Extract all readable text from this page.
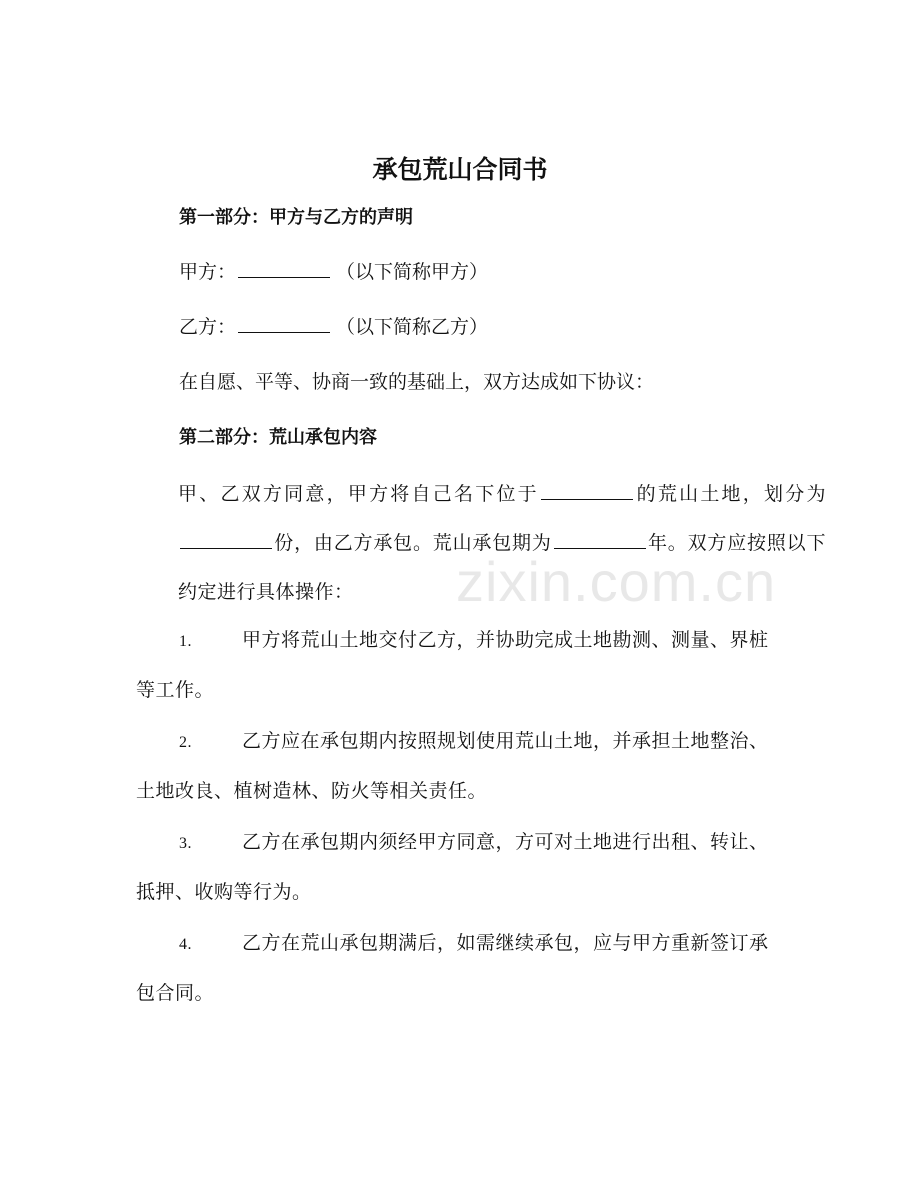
承包荒山合同书

第一部分：甲方与乙方的声明

甲方：	（以下简称甲方）

乙方：	（以下简称乙方）

在自愿、平等、协商一致的基础上，双方达成如下协议：

第二部分：荒山承包内容

甲、乙双方同意，甲方将自己名下位于	的荒山土地，划分为份，由乙方承包。荒山承包期为	年。双方应按照以下约定进行具体操作：

1.	甲方将荒山土地交付乙方，并协助完成土地勘测、测量、界桩等工作。

2.	乙方应在承包期内按照规划使用荒山土地，并承担土地整治、土地改良、植树造林、防火等相关责任。

3.	乙方在承包期内须经甲方同意，方可对土地进行出租、转让、抵押、收购等行为。

4.	乙方在荒山承包期满后，如需继续承包，应与甲方重新签订承包合同。

zixin.com.cn
